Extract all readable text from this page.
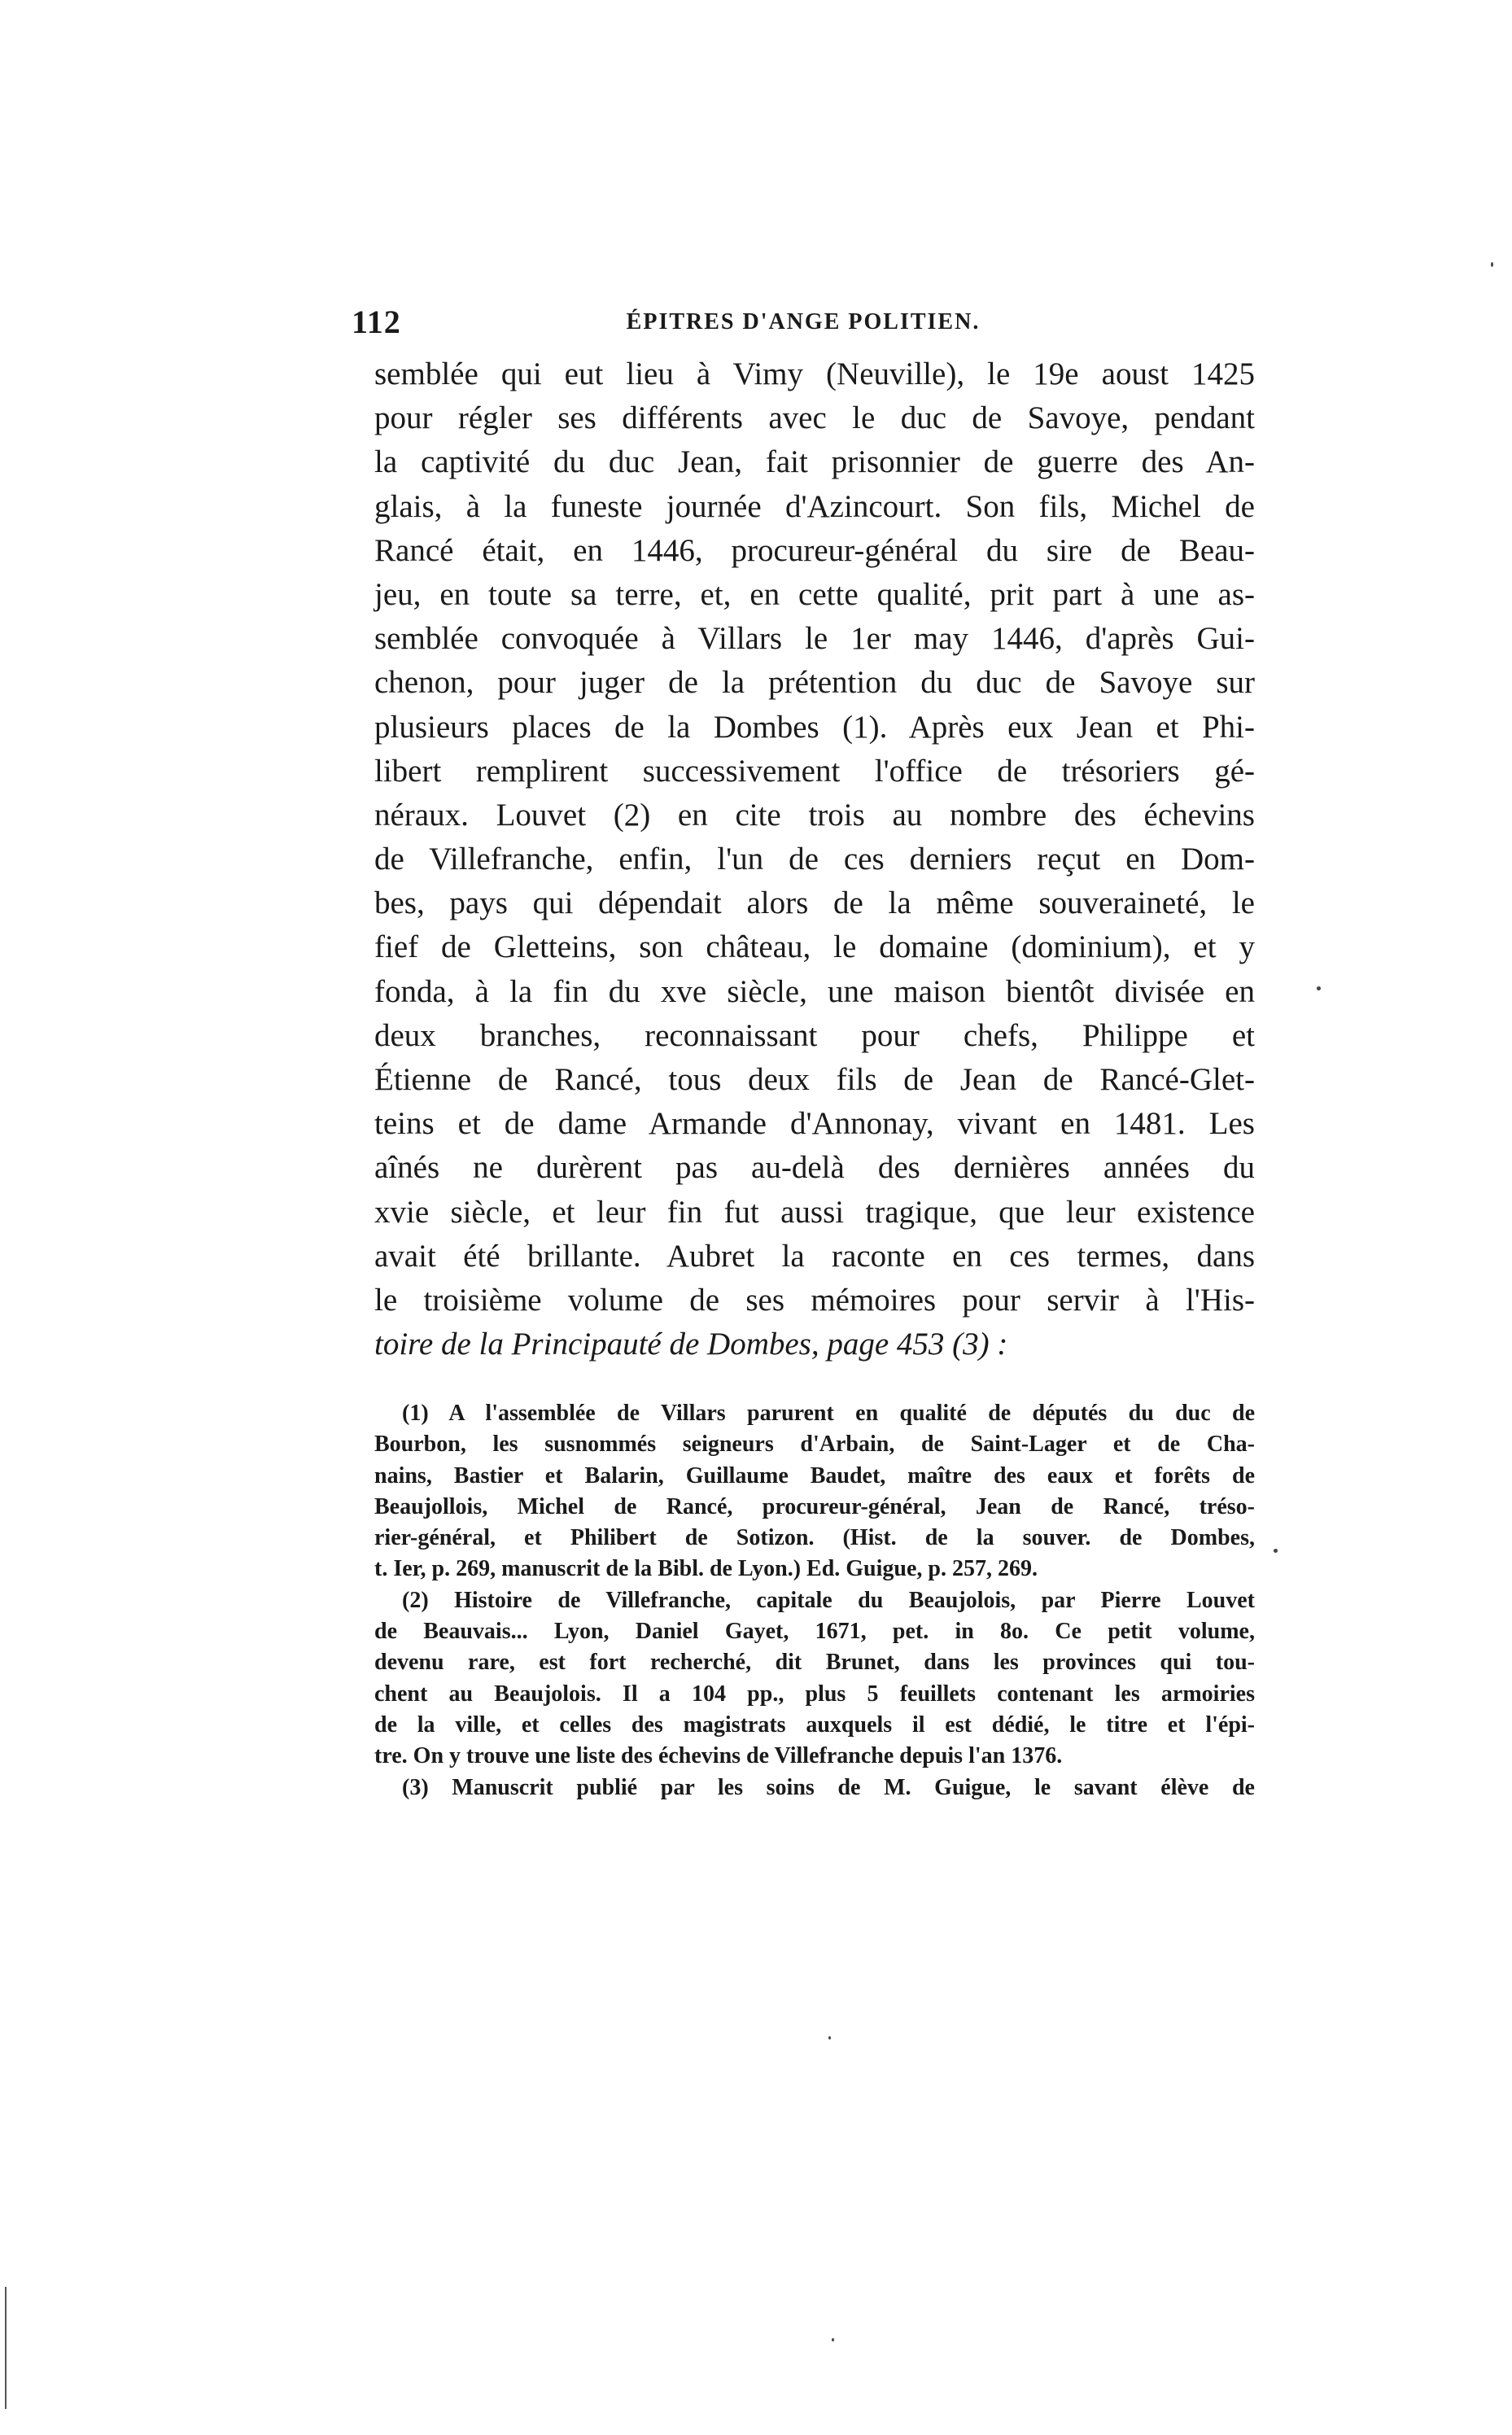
112	ÉPITRES D'ANGE POLITIEN.
semblée qui eut lieu à Vimy (Neuville), le 19e aoust 1425
pour régler ses différents avec le duc de Savoye, pendant
la captivité du duc Jean, fait prisonnier de guerre des An-
glais, à la funeste journée d'Azincourt. Son fils, Michel de
Rancé était, en 1446, procureur-général du sire de Beau-
jeu, en toute sa terre, et, en cette qualité, prit part à une as-
semblée convoquée à Villars le 1er may 1446, d'après Gui-
chenon, pour juger de la prétention du duc de Savoye sur
plusieurs places de la Dombes (1). Après eux Jean et Phi-
libert remplirent successivement l'office de trésoriers gé-
néraux. Louvet (2) en cite trois au nombre des échevins
de Villefranche, enfin, l'un de ces derniers reçut en Dom-
bes, pays qui dépendait alors de la même souveraineté, le
fief de Gletteins, son château, le domaine (dominium), et y
fonda, à la fin du xve siècle, une maison bientôt divisée en
deux branches, reconnaissant pour chefs, Philippe et
Étienne de Rancé, tous deux fils de Jean de Rancé-Glet-
teins et de dame Armande d'Annonay, vivant en 1481. Les
aînés ne durèrent pas au-delà des dernières années du
xvie siècle, et leur fin fut aussi tragique, que leur existence
avait été brillante. Aubret la raconte en ces termes, dans
le troisième volume de ses mémoires pour servir à l'His-
toire de la Principauté de Dombes, page 453 (3) :
(1) A l'assemblée de Villars parurent en qualité de députés du duc de
Bourbon, les susnommés seigneurs d'Arbain, de Saint-Lager et de Cha-
nains, Bastier et Balarin, Guillaume Baudet, maître des eaux et forêts de
Beaujollois, Michel de Rancé, procureur-général, Jean de Rancé, tréso-
rier-général, et Philibert de Sotizon. (Hist. de la souver. de Dombes,
t. Ier, p. 269, manuscrit de la Bibl. de Lyon.) Ed. Guigue, p. 257, 269.
(2) Histoire de Villefranche, capitale du Beaujolois, par Pierre Louvet
de Beauvais... Lyon, Daniel Gayet, 1671, pet. in 8o. Ce petit volume,
devenu rare, est fort recherché, dit Brunet, dans les provinces qui tou-
chent au Beaujolois. Il a 104 pp., plus 5 feuillets contenant les armoiries
de la ville, et celles des magistrats auxquels il est dédié, le titre et l'épi-
tre. On y trouve une liste des échevins de Villefranche depuis l'an 1376.
(3) Manuscrit publié par les soins de M. Guigue, le savant élève de
